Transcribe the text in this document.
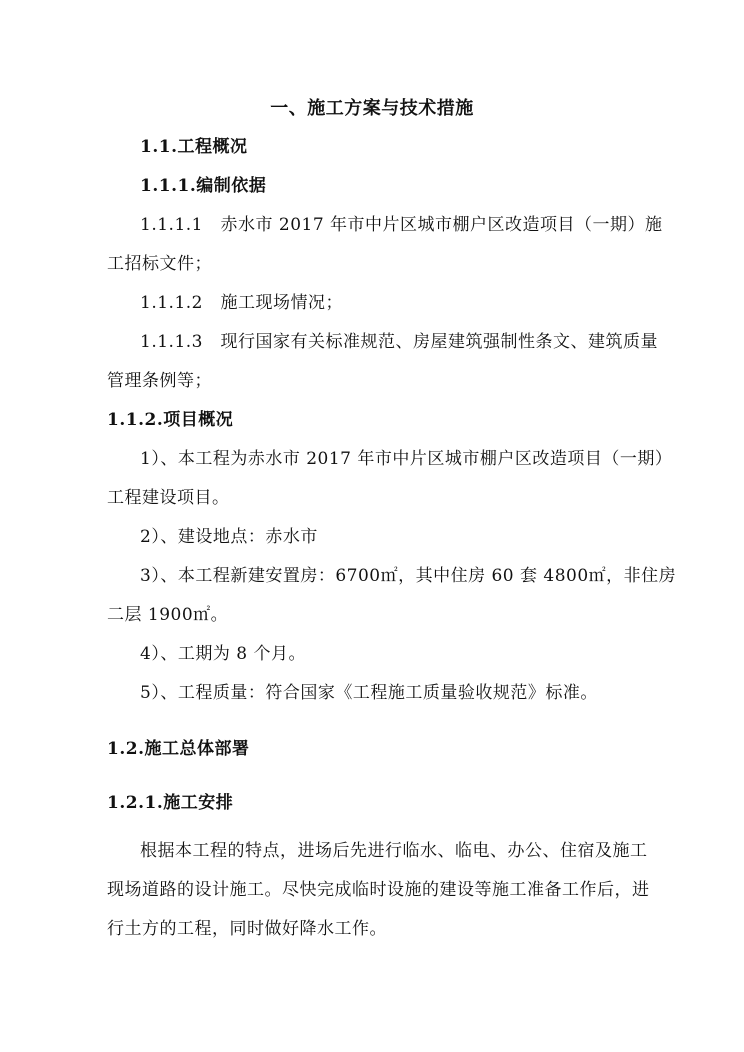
一、施工方案与技术措施
1.1.工程概况
1.1.1.编制依据
1.1.1.1　赤水市 2017 年市中片区城市棚户区改造项目（一期）施
工招标文件；
1.1.1.2　施工现场情况；
1.1.1.3　现行国家有关标准规范、房屋建筑强制性条文、建筑质量
管理条例等；
1.1.2.项目概况
1）、本工程为赤水市 2017 年市中片区城市棚户区改造项目（一期）
工程建设项目。
2）、建设地点：赤水市
3）、本工程新建安置房：6700㎡，其中住房 60 套 4800㎡，非住房
二层 1900㎡。
4）、工期为 8 个月。
5）、工程质量：符合国家《工程施工质量验收规范》标准。
1.2.施工总体部署
1.2.1.施工安排
根据本工程的特点，进场后先进行临水、临电、办公、住宿及施工
现场道路的设计施工。尽快完成临时设施的建设等施工准备工作后，进
行土方的工程，同时做好降水工作。
